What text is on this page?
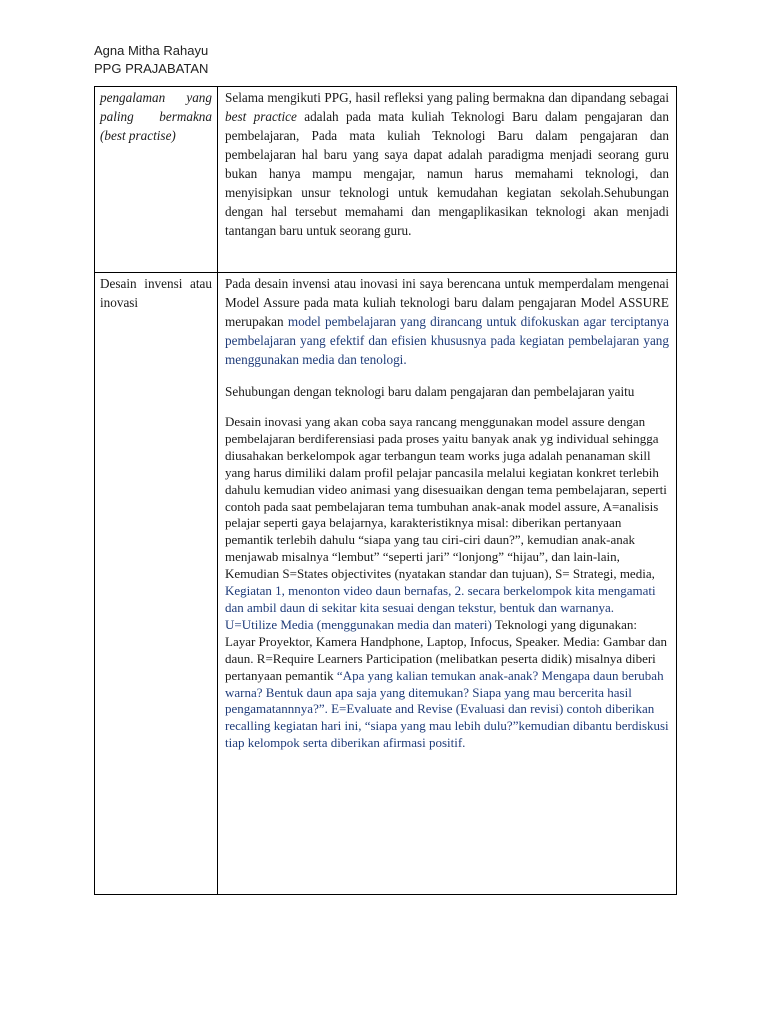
Agna Mitha Rahayu
PPG PRAJABATAN
pengalaman yang paling bermakna (best practise)	Selama mengikuti PPG, hasil refleksi yang paling bermakna dan dipandang sebagai best practice adalah pada mata kuliah Teknologi Baru dalam pengajaran dan pembelajaran, Pada mata kuliah Teknologi Baru dalam pengajaran dan pembelajaran hal baru yang saya dapat adalah paradigma menjadi seorang guru bukan hanya mampu mengajar, namun harus memahami teknologi, dan menyisipkan unsur teknologi untuk kemudahan kegiatan sekolah.Sehubungan dengan hal tersebut memahami dan mengaplikasikan teknologi akan menjadi tantangan baru untuk seorang guru.

Desain invensi atau inovasi	Pada desain invensi atau inovasi ini saya berencana untuk memperdalam mengenai Model Assure pada mata kuliah teknologi baru dalam pengajaran Model ASSURE merupakan model pembelajaran yang dirancang untuk difokuskan agar terciptanya pembelajaran yang efektif dan efisien khususnya pada kegiatan pembelajaran yang menggunakan media dan tenologi.

Sehubungan dengan teknologi baru dalam pengajaran dan pembelajaran yaitu

Desain inovasi yang akan coba saya rancang menggunakan model assure dengan pembelajaran berdiferensiasi pada proses yaitu banyak anak yg individual sehingga diusahakan berkelompok agar terbangun team works juga adalah penanaman skill yang harus dimiliki dalam profil pelajar pancasila melalui kegiatan konkret terlebih dahulu kemudian video animasi yang disesuaikan dengan tema pembelajaran, seperti contoh pada saat pembelajaran tema tumbuhan anak-anak model assure, A=analisis pelajar seperti gaya belajarnya, karakteristiknya misal: diberikan pertanyaan pemantik terlebih dahulu “siapa yang tau ciri-ciri daun?”, kemudian anak-anak menjawab misalnya “lembut” “seperti jari” “lonjong” “hijau”, dan lain-lain, Kemudian S=States objectivites (nyatakan standar dan tujuan), S= Strategi, media, Kegiatan 1, menonton video daun bernafas, 2. secara berkelompok kita mengamati dan ambil daun di sekitar kita sesuai dengan tekstur, bentuk dan warnanya. U=Utilize Media (menggunakan media dan materi) Teknologi yang digunakan: Layar Proyektor, Kamera Handphone, Laptop, Infocus, Speaker. Media: Gambar dan daun. R=Require Learners Participation (melibatkan peserta didik) misalnya diberi pertanyaan pemantik “Apa yang kalian temukan anak-anak? Mengapa daun berubah warna? Bentuk daun apa saja yang ditemukan? Siapa yang mau bercerita hasil pengamatannnya?”. E=Evaluate and Revise (Evaluasi dan revisi) contoh diberikan recalling kegiatan hari ini, “siapa yang mau lebih dulu?”kemudian dibantu berdiskusi tiap kelompok serta diberikan afirmasi positif.
